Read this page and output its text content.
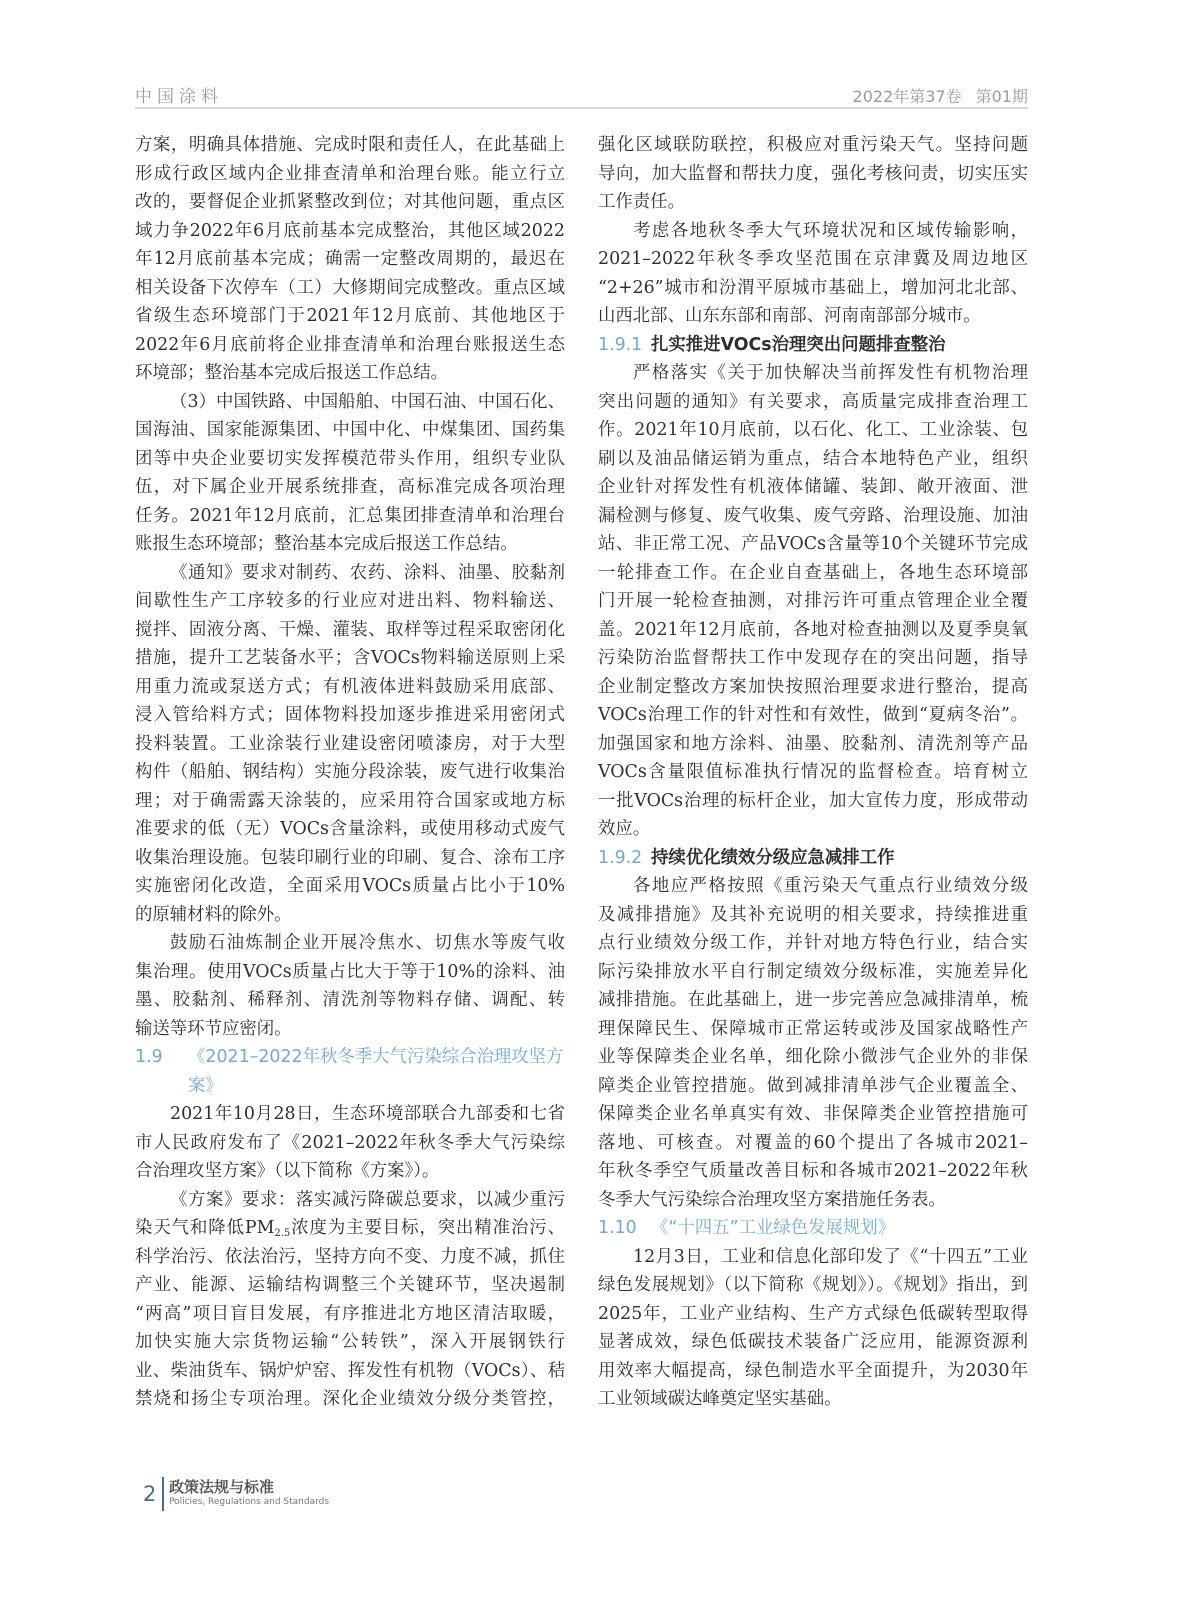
中国涂料	2022年第37卷 第01期
方案，明确具体措施、完成时限和责任人，在此基础上
形成行政区域内企业排查清单和治理台账。能立行立
改的，要督促企业抓紧整改到位；对其他问题，重点区
域力争2022年6月底前基本完成整治，其他区域2022
年12月底前基本完成；确需一定整改周期的，最迟在
相关设备下次停车（工）大修期间完成整改。重点区域
省级生态环境部门于2021年12月底前、其他地区于
2022年6月底前将企业排查清单和治理台账报送生态
环境部；整治基本完成后报送工作总结。
（3）中国铁路、中国船舶、中国石油、中国石化、
国海油、国家能源集团、中国中化、中煤集团、国药集
团等中央企业要切实发挥模范带头作用，组织专业队
伍，对下属企业开展系统排查，高标准完成各项治理
任务。2021年12月底前，汇总集团排查清单和治理台
账报生态环境部；整治基本完成后报送工作总结。
《通知》要求对制药、农药、涂料、油墨、胶黏剂
间歇性生产工序较多的行业应对进出料、物料输送、
搅拌、固液分离、干燥、灌装、取样等过程采取密闭化
措施，提升工艺装备水平；含VOCs物料输送原则上采
用重力流或泵送方式；有机液体进料鼓励采用底部、
浸入管给料方式；固体物料投加逐步推进采用密闭式
投料装置。工业涂装行业建设密闭喷漆房，对于大型
构件（船舶、钢结构）实施分段涂装，废气进行收集治
理；对于确需露天涂装的，应采用符合国家或地方标
准要求的低（无）VOCs含量涂料，或使用移动式废气
收集治理设施。包装印刷行业的印刷、复合、涂布工序
实施密闭化改造，全面采用VOCs质量占比小于10%
的原辅材料的除外。
鼓励石油炼制企业开展冷焦水、切焦水等废气收
集治理。使用VOCs质量占比大于等于10%的涂料、油
墨、胶黏剂、稀释剂、清洗剂等物料存储、调配、转
输送等环节应密闭。
1.9 《2021–2022年秋冬季大气污染综合治理攻坚方
案》
2021年10月28日，生态环境部联合九部委和七省
市人民政府发布了《2021–2022年秋冬季大气污染综
合治理攻坚方案》（以下简称《方案》）。
《方案》要求：落实减污降碳总要求，以减少重污
染天气和降低$PM_{2.5}$浓度为主要目标，突出精准治污、
科学治污、依法治污，坚持方向不变、力度不减，抓住
产业、能源、运输结构调整三个关键环节，坚决遏制
“两高”项目盲目发展，有序推进北方地区清洁取暖，
加快实施大宗货物运输“公转铁”，深入开展钢铁行
业、柴油货车、锅炉炉窑、挥发性有机物（VOCs）、秸
禁烧和扬尘专项治理。深化企业绩效分级分类管控，
强化区域联防联控，积极应对重污染天气。坚持问题
导向，加大监督和帮扶力度，强化考核问责，切实压实
工作责任。
考虑各地秋冬季大气环境状况和区域传输影响，
2021–2022年秋冬季攻坚范围在京津冀及周边地区
“2+26”城市和汾渭平原城市基础上，增加河北北部、
山西北部、山东东部和南部、河南南部部分城市。
1.9.1 扎实推进VOCs治理突出问题排查整治
严格落实《关于加快解决当前挥发性有机物治理
突出问题的通知》有关要求，高质量完成排查治理工
作。2021年10月底前，以石化、化工、工业涂装、包
刷以及油品储运销为重点，结合本地特色产业，组织
企业针对挥发性有机液体储罐、装卸、敞开液面、泄
漏检测与修复、废气收集、废气旁路、治理设施、加油
站、非正常工况、产品VOCs含量等10个关键环节完成
一轮排查工作。在企业自查基础上，各地生态环境部
门开展一轮检查抽测，对排污许可重点管理企业全覆
盖。2021年12月底前，各地对检查抽测以及夏季臭氧
污染防治监督帮扶工作中发现存在的突出问题，指导
企业制定整改方案加快按照治理要求进行整治，提高
VOCs治理工作的针对性和有效性，做到“夏病冬治”。
加强国家和地方涂料、油墨、胶黏剂、清洗剂等产品
VOCs含量限值标准执行情况的监督检查。培育树立
一批VOCs治理的标杆企业，加大宣传力度，形成带动
效应。
1.9.2 持续优化绩效分级应急减排工作
各地应严格按照《重污染天气重点行业绩效分级
及减排措施》及其补充说明的相关要求，持续推进重
点行业绩效分级工作，并针对地方特色行业，结合实
际污染排放水平自行制定绩效分级标准，实施差异化
减排措施。在此基础上，进一步完善应急减排清单，梳
理保障民生、保障城市正常运转或涉及国家战略性产
业等保障类企业名单，细化除小微涉气企业外的非保
障类企业管控措施。做到减排清单涉气企业覆盖全、
保障类企业名单真实有效、非保障类企业管控措施可
落地、可核查。对覆盖的60个提出了各城市2021–
年秋冬季空气质量改善目标和各城市2021–2022年秋
冬季大气污染综合治理攻坚方案措施任务表。
1.10 《“十四五”工业绿色发展规划》
12月3日，工业和信息化部印发了《“十四五”工业
绿色发展规划》（以下简称《规划》）。《规划》指出，到
2025年，工业产业结构、生产方式绿色低碳转型取得
显著成效，绿色低碳技术装备广泛应用，能源资源利
用效率大幅提高，绿色制造水平全面提升，为2030年
工业领域碳达峰奠定坚实基础。
2 政策法规与标准
Policies, Regulations and Standards
